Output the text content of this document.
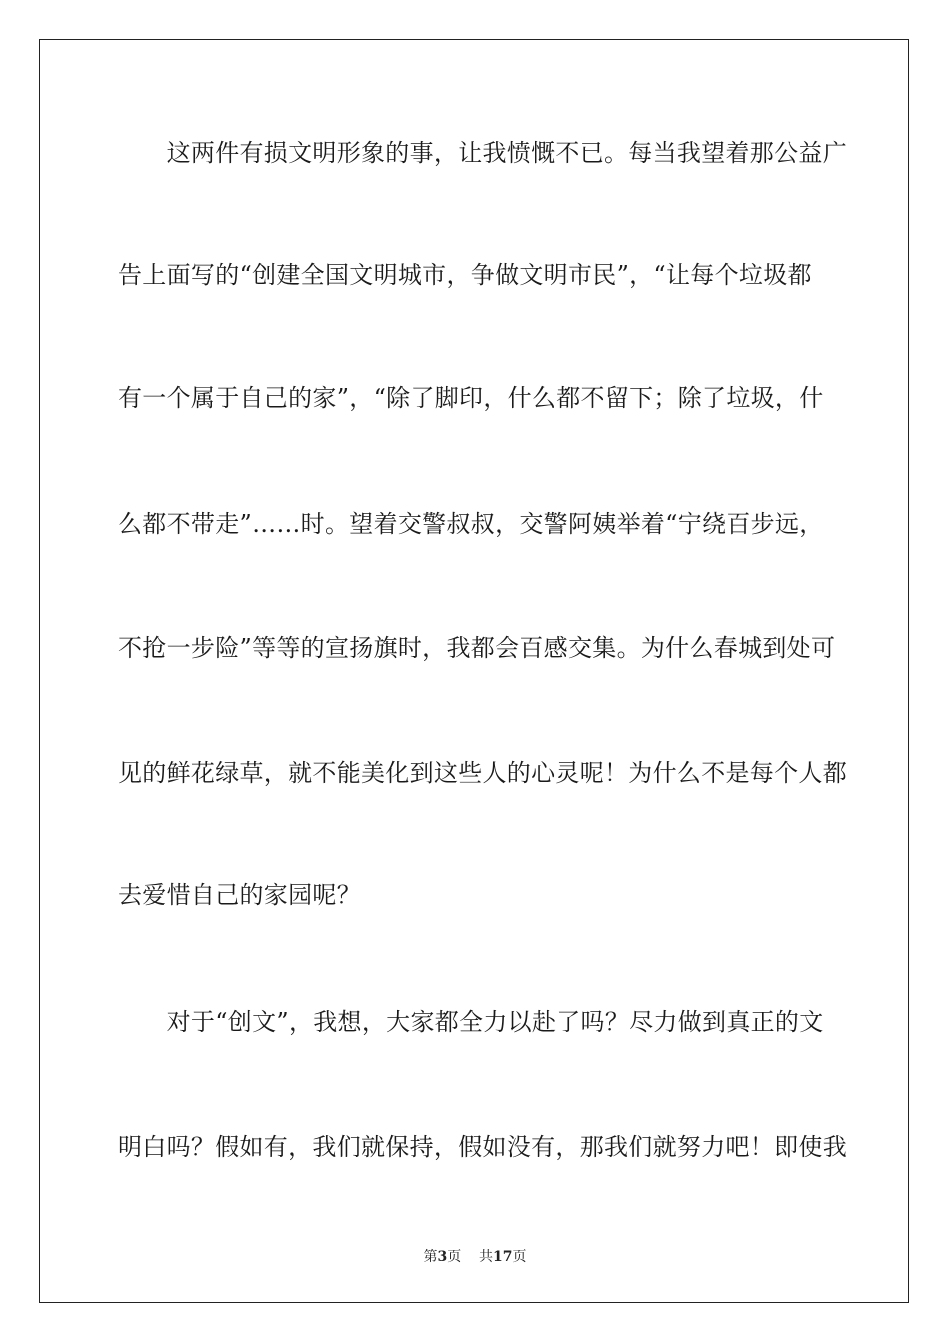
　　这两件有损文明形象的事，让我愤慨不已。每当我望着那公益广
告上面写的“创建全国文明城市，争做文明市民”，“让每个垃圾都
有一个属于自己的家”，“除了脚印，什么都不留下；除了垃圾，什
么都不带走”……时。望着交警叔叔，交警阿姨举着“宁绕百步远，
不抢一步险”等等的宣扬旗时，我都会百感交集。为什么春城到处可
见的鲜花绿草，就不能美化到这些人的心灵呢！为什么不是每个人都
去爱惜自己的家园呢？
　　对于“创文”，我想，大家都全力以赴了吗？尽力做到真正的文
明白吗？假如有，我们就保持，假如没有，那我们就努力吧！即使我
第3页 共17页
